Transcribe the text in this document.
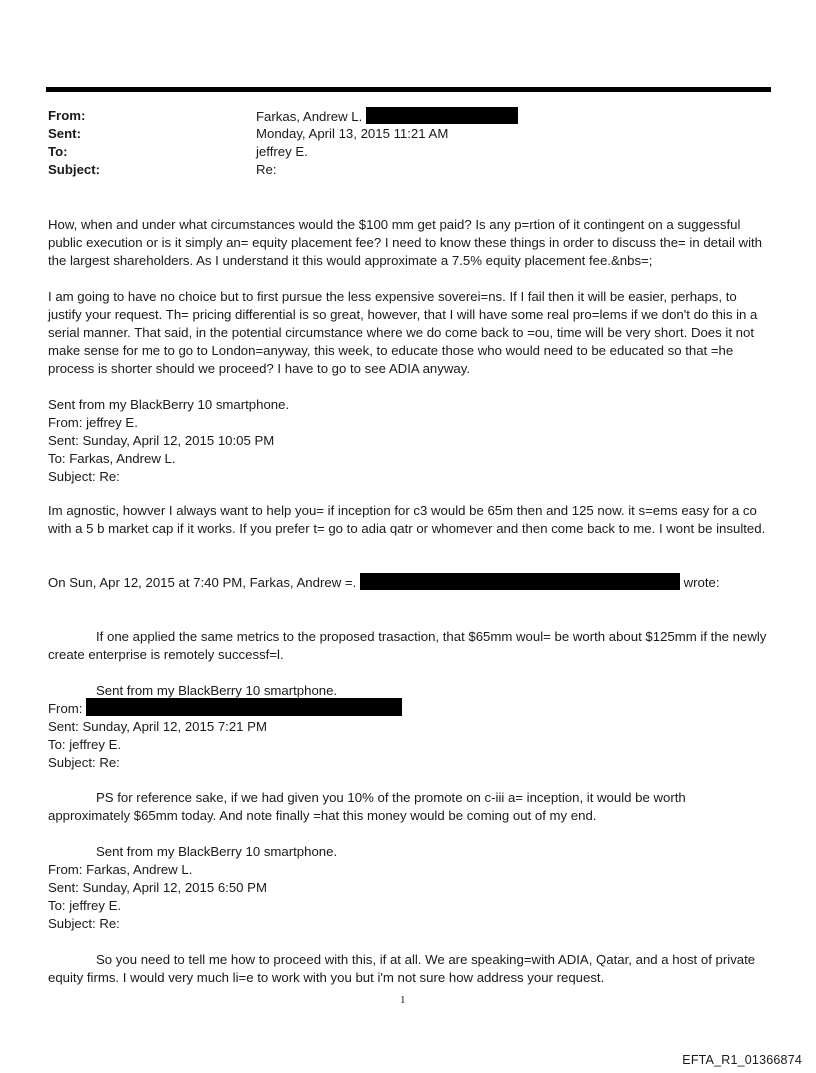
From:	Farkas, Andrew L.
Sent:	Monday, April 13, 2015 11:21 AM
To:	jeffrey E.
Subject:	Re:

How, when and under what circumstances would the $100 mm get paid? Is any p=rtion of it contingent on a suggessful public execution or is it simply an= equity placement fee? I need to know these things in order to discuss the= in detail with the largest shareholders. As I understand it this would approximate a 7.5% equity placement fee.&nbs=;

I am going to have no choice but to first pursue the less expensive soverei=ns. If I fail then it will be easier, perhaps, to justify your request. Th= pricing differential is so great, however, that I will have some real pro=lems if we don't do this in a serial manner. That said, in the potential circumstance where we do come back to =ou, time will be very short. Does it not make sense for me to go to London=anyway, this week, to educate those who would need to be educated so that =he process is shorter should we proceed? I have to go to see ADIA anyway.

Sent from my BlackBerry 10 smartphone.
From: jeffrey E.
Sent: Sunday, April 12, 2015 10:05 PM
To: Farkas, Andrew L.
Subject: Re:

Im agnostic, howver I always want to help you= if inception for c3 would be 65m then and 125 now. it s=ems easy for a co with a 5 b market cap if it works. If you prefer t= go to adia qatr or whomever and then come back to me. I wont be insulted.

On Sun, Apr 12, 2015 at 7:40 PM, Farkas, Andrew =.	wrote:

If one applied the same metrics to the proposed trasaction, that $65mm woul= be worth about $125mm if the newly create enterprise is remotely successf=l.

Sent from my BlackBerry 10 smartphone.
From:
Sent: Sunday, April 12, 2015 7:21 PM
To: jeffrey E.
Subject: Re:

PS for reference sake, if we had given you 10% of the promote on c-iii a= inception, it would be worth approximately $65mm today. And note finally =hat this money would be coming out of my end.

Sent from my BlackBerry 10 smartphone.
From: Farkas, Andrew L.
Sent: Sunday, April 12, 2015 6:50 PM
To: jeffrey E.
Subject: Re:

So you need to tell me how to proceed with this, if at all. We are speaking=with ADIA, Qatar, and a host of private equity firms. I would very much li=e to work with you but i'm not sure how address your request.

1
EFTA_R1_01366874
